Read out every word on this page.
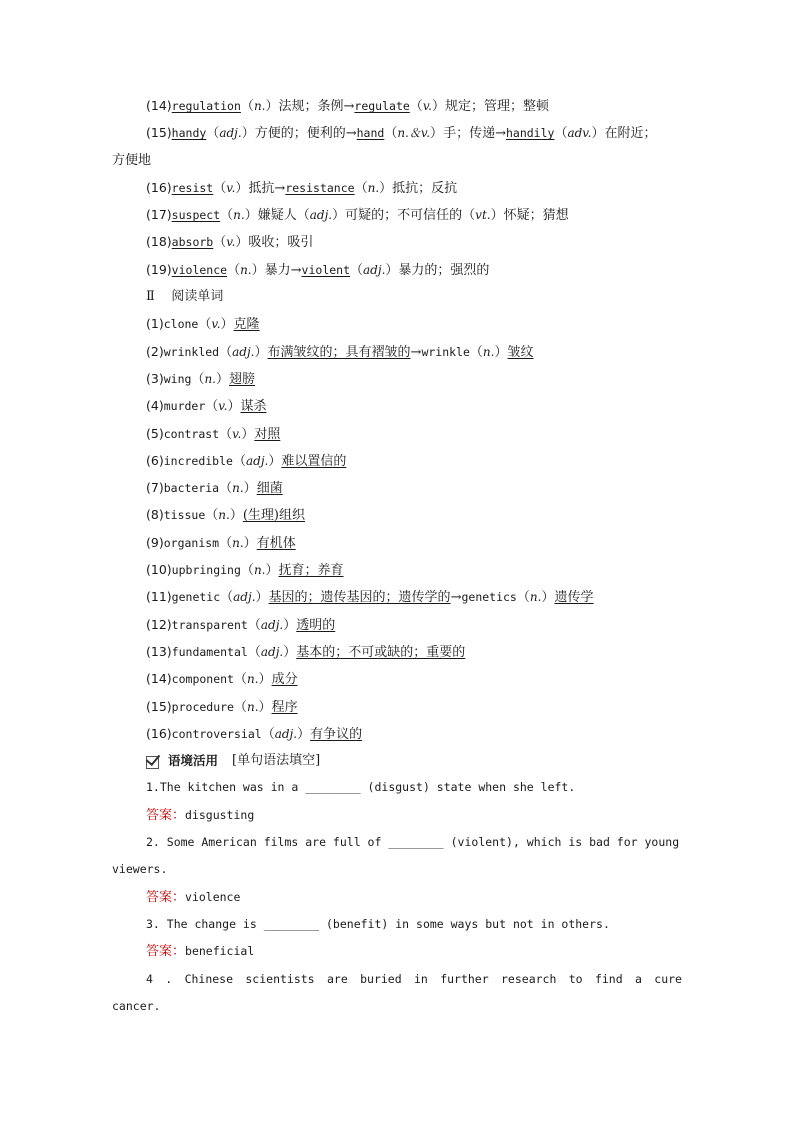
(14)regulation（n.）法规；条例→regulate（v.）规定；管理；整顿
(15)handy（adj.）方便的；便利的→hand（n.＆v.）手；传递→handily（adv.）在附近；
方便地
(16)resist（v.）抵抗→resistance（n.）抵抗；反抗
(17)suspect（n.）嫌疑人（adj.）可疑的；不可信任的（vt.）怀疑；猜想
(18)absorb（v.）吸收；吸引
(19)violence（n.）暴力→violent（adj.）暴力的；强烈的
Ⅱ 阅读单词
(1)clone（v.）克隆
(2)wrinkled（adj.）布满皱纹的；具有褶皱的→wrinkle（n.）皱纹
(3)wing（n.）翅膀
(4)murder（v.）谋杀
(5)contrast（v.）对照
(6)incredible（adj.）难以置信的
(7)bacteria（n.）细菌
(8)tissue（n.）(生理)组织
(9)organism（n.）有机体
(10)upbringing（n.）抚育；养育
(11)genetic（adj.）基因的；遗传基因的；遗传学的→genetics（n.）遗传学
(12)transparent（adj.）透明的
(13)fundamental（adj.）基本的；不可或缺的；重要的
(14)component（n.）成分
(15)procedure（n.）程序
(16)controversial（adj.）有争议的
语境活用 [单句语法填空]
1.The kitchen was in a ________ (disgust) state when she left.
答案：disgusting
2. Some American films are full of ________ (violent), which is bad for young
viewers.
答案：violence
3. The change is ________ (benefit) in some ways but not in others.
答案：beneficial
4 . Chinese scientists are buried in further research to find a cure
cancer.
